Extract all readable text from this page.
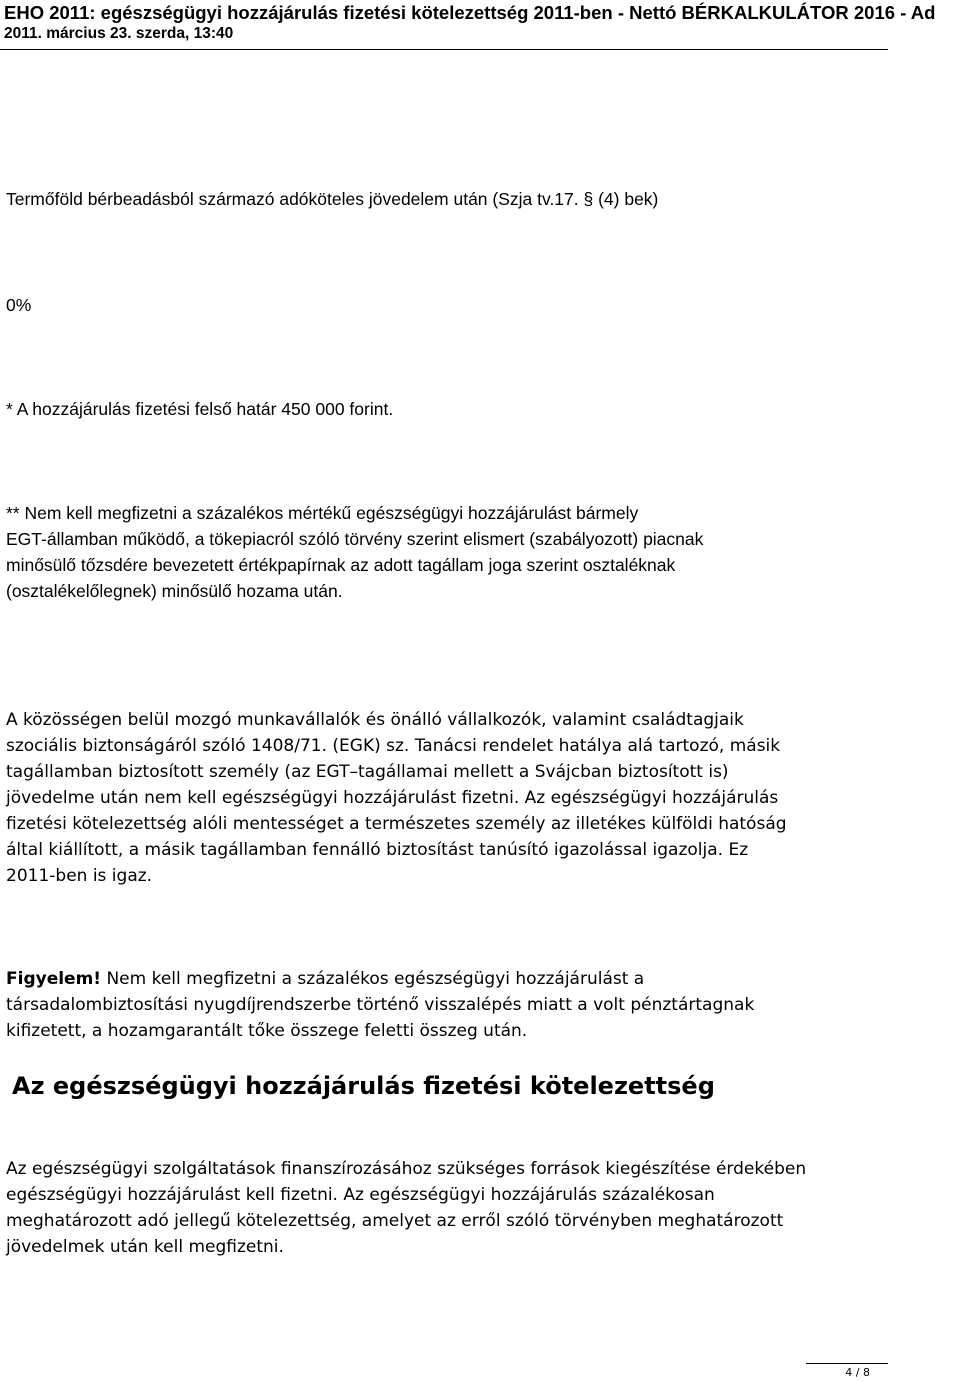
EHO 2011: egészségügyi hozzájárulás fizetési kötelezettség 2011-ben - Nettó BÉRKALKULÁTOR 2016 - Ad
2011. március 23. szerda, 13:40

Termőföld bérbeadásból származó adóköteles jövedelem után (Szja tv.17. § (4) bek)

0%

* A hozzájárulás fizetési felső határ 450 000 forint.

** Nem kell megfizetni a százalékos mértékű egészségügyi hozzájárulást bármely

EGT-államban működő, a tökepiacról szóló törvény szerint elismert (szabályozott) piacnak

minősülő tőzsdére bevezetett értékpapírnak az adott tagállam joga szerint osztaléknak

(osztalékelőlegnek) minősülő hozama után.

A közösségen belül mozgó munkavállalók és önálló vállalkozók, valamint családtagjaik

szociális biztonságáról szóló 1408/71. (EGK) sz. Tanácsi rendelet hatálya alá tartozó, másik

tagállamban biztosított személy (az EGT–tagállamai mellett a Svájcban biztosított is)

jövedelme után nem kell egészségügyi hozzájárulást fizetni. Az egészségügyi hozzájárulás

fizetési kötelezettség alóli mentességet a természetes személy az illetékes külföldi hatóság

által kiállított, a másik tagállamban fennálló biztosítást tanúsító igazolással igazolja. Ez

2011-ben is igaz.

Figyelem! Nem kell megfizetni a százalékos egészségügyi hozzájárulást a

társadalombiztosítási nyugdíjrendszerbe történő visszalépés miatt a volt pénztártagnak

kifizetett, a hozamgarantált tőke összege feletti összeg után.

Az egészségügyi szolgáltatások finanszírozásához szükséges források kiegészítése érdekében

egészségügyi hozzájárulást kell fizetni. Az egészségügyi hozzájárulás százalékosan

meghatározott adó jellegű kötelezettség, amelyet az erről szóló törvényben meghatározott

jövedelmek után kell megfizetni.

Az egészségügyi hozzájárulás fizetési kötelezettség
4 / 8
